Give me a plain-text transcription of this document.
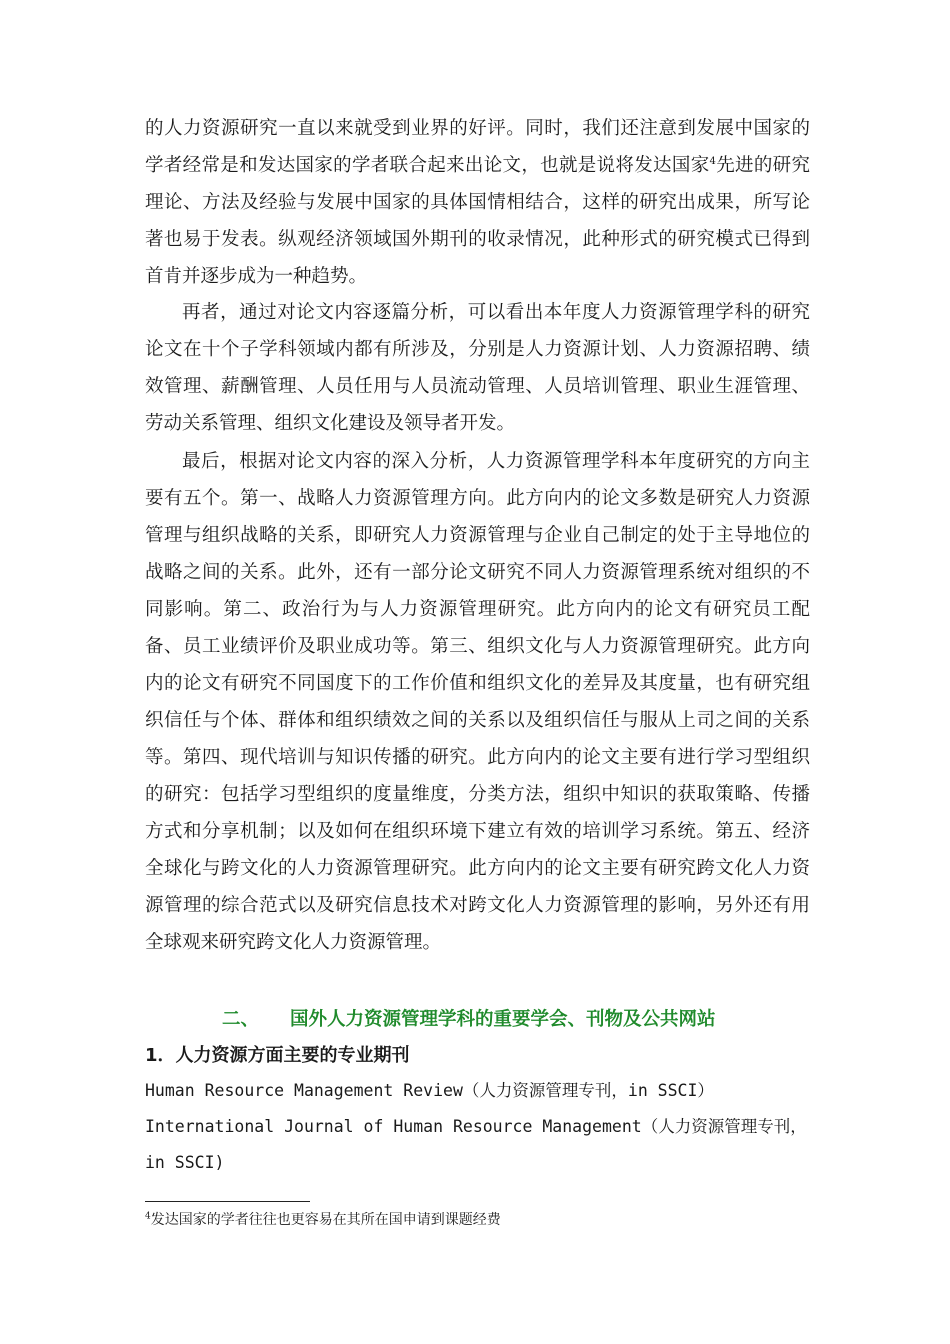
的人力资源研究一直以来就受到业界的好评。同时，我们还注意到发展中国家的学者经常是和发达国家的学者联合起来出论文，也就是说将发达国家$^4$先进的研究理论、方法及经验与发展中国家的具体国情相结合，这样的研究出成果，所写论著也易于发表。纵观经济领域国外期刊的收录情况，此种形式的研究模式已得到首肯并逐步成为一种趋势。

再者，通过对论文内容逐篇分析，可以看出本年度人力资源管理学科的研究论文在十个子学科领域内都有所涉及，分别是人力资源计划、人力资源招聘、绩效管理、薪酬管理、人员任用与人员流动管理、人员培训管理、职业生涯管理、劳动关系管理、组织文化建设及领导者开发。

最后，根据对论文内容的深入分析，人力资源管理学科本年度研究的方向主要有五个。第一、战略人力资源管理方向。此方向内的论文多数是研究人力资源管理与组织战略的关系，即研究人力资源管理与企业自己制定的处于主导地位的战略之间的关系。此外，还有一部分论文研究不同人力资源管理系统对组织的不同影响。第二、政治行为与人力资源管理研究。此方向内的论文有研究员工配备、员工业绩评价及职业成功等。第三、组织文化与人力资源管理研究。此方向内的论文有研究不同国度下的工作价值和组织文化的差异及其度量，也有研究组织信任与个体、群体和组织绩效之间的关系以及组织信任与服从上司之间的关系等。第四、现代培训与知识传播的研究。此方向内的论文主要有进行学习型组织的研究：包括学习型组织的度量维度，分类方法，组织中知识的获取策略、传播方式和分享机制；以及如何在组织环境下建立有效的培训学习系统。第五、经济全球化与跨文化的人力资源管理研究。此方向内的论文主要有研究跨文化人力资源管理的综合范式以及研究信息技术对跨文化人力资源管理的影响，另外还有用全球观来研究跨文化人力资源管理。

二、 国外人力资源管理学科的重要学会、刊物及公共网站

1．人力资源方面主要的专业期刊

Human Resource Management Review（人力资源管理专刊，in SSCI）
International Journal of Human Resource Management（人力资源管理专刊，
in SSCI)

$^4$发达国家的学者往往也更容易在其所在国申请到课题经费
